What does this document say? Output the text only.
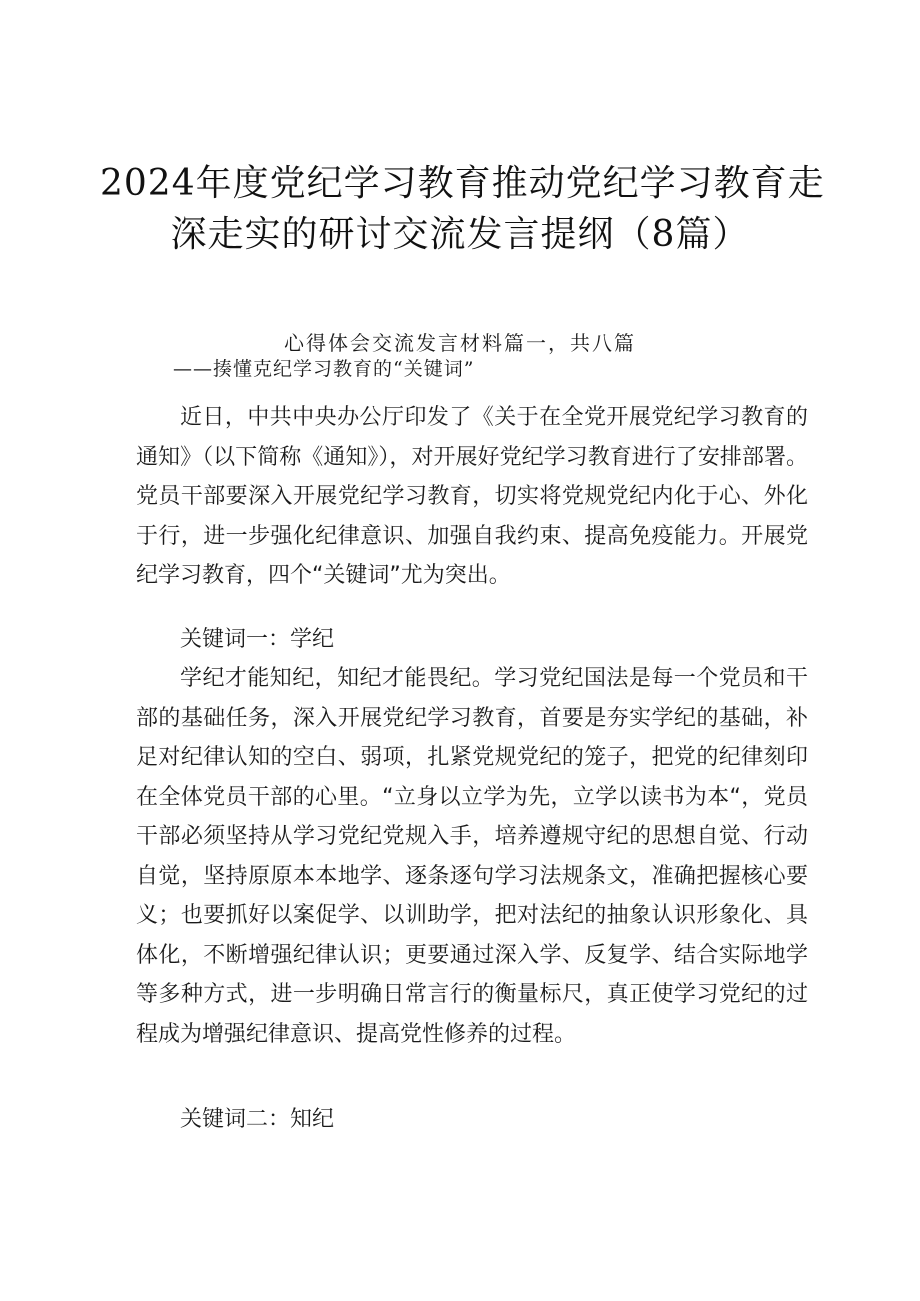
2024年度党纪学习教育推动党纪学习教育走
深走实的研讨交流发言提纲（8篇）
心得体会交流发言材料篇一，共八篇
——揍懂克纪学习教育的“关键词”

近日，中共中央办公厅印发了《关于在全党开展党纪学习教育的通知》（以下简称《通知》），对开展好党纪学习教育进行了安排部署。党员干部要深入开展党纪学习教育，切实将党规党纪内化于心、外化于行，进一步强化纪律意识、加强自我约束、提高免疫能力。开展党纪学习教育，四个“关键词”尤为突出。

关键词一：学纪

学纪才能知纪，知纪才能畏纪。学习党纪国法是每一个党员和干部的基础任务，深入开展党纪学习教育，首要是夯实学纪的基础，补足对纪律认知的空白、弱项，扎紧党规党纪的笼子，把党的纪律刻印在全体党员干部的心里。“立身以立学为先，立学以读书为本“，党员干部必须坚持从学习党纪党规入手，培养遵规守纪的思想自觉、行动自觉，坚持原原本本地学、逐条逐句学习法规条文，准确把握核心要义；也要抓好以案促学、以训助学，把对法纪的抽象认识形象化、具体化，不断增强纪律认识；更要通过深入学、反复学、结合实际地学等多种方式，进一步明确日常言行的衡量标尺，真正使学习党纪的过程成为增强纪律意识、提高党性修养的过程。

关键词二：知纪
